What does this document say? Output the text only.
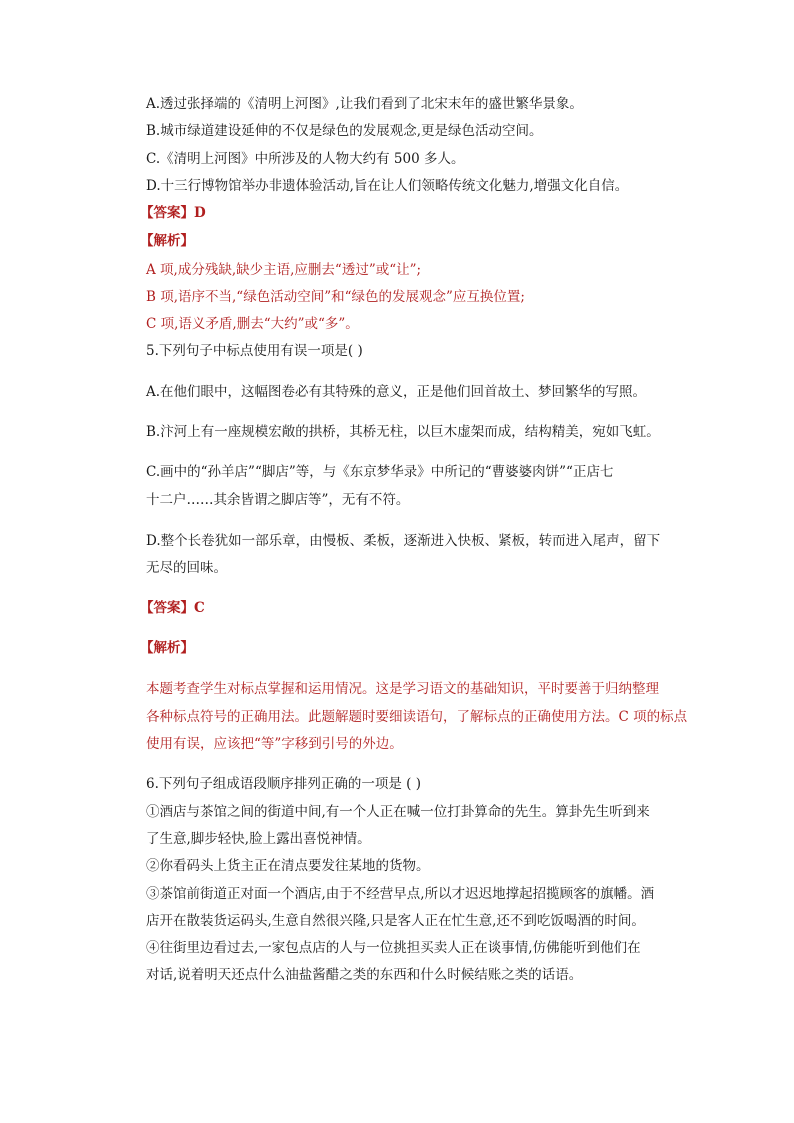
A.透过张择端的《清明上河图》,让我们看到了北宋末年的盛世繁华景象。
B.城市绿道建设延伸的不仅是绿色的发展观念,更是绿色活动空间。
C.《清明上河图》中所涉及的人物大约有 500 多人。
D.十三行博物馆举办非遗体验活动,旨在让人们领略传统文化魅力,增强文化自信。
【答案】D
【解析】
A 项,成分残缺,缺少主语,应删去“透过”或“让”;
B 项,语序不当,“绿色活动空间”和“绿色的发展观念”应互换位置;
C 项,语义矛盾,删去“大约”或“多”。
5.下列句子中标点使用有误一项是( )
A.在他们眼中，这幅图卷必有其特殊的意义，正是他们回首故土、梦回繁华的写照。
B.汴河上有一座规模宏敞的拱桥，其桥无柱，以巨木虚架而成，结构精美，宛如飞虹。
C.画中的“孙羊店”“脚店”等，与《东京梦华录》中所记的“曹婆婆肉饼”“正店七
十二户……其余皆谓之脚店等”，无有不符。
D.整个长卷犹如一部乐章，由慢板、柔板，逐渐进入快板、紧板，转而进入尾声，留下
无尽的回味。
【答案】C
【解析】
本题考查学生对标点掌握和运用情况。这是学习语文的基础知识，平时要善于归纳整理
各种标点符号的正确用法。此题解题时要细读语句，了解标点的正确使用方法。C 项的标点
使用有误，应该把“等”字移到引号的外边。
6.下列句子组成语段顺序排列正确的一项是 ( )
①酒店与茶馆之间的街道中间,有一个人正在喊一位打卦算命的先生。算卦先生听到来
了生意,脚步轻快,脸上露出喜悦神情。
②你看码头上货主正在清点要发往某地的货物。
③茶馆前街道正对面一个酒店,由于不经营早点,所以才迟迟地撑起招揽顾客的旗幡。酒
店开在散装货运码头,生意自然很兴隆,只是客人正在忙生意,还不到吃饭喝酒的时间。
④往街里边看过去,一家包点店的人与一位挑担买卖人正在谈事情,仿佛能听到他们在
对话,说着明天还点什么油盐酱醋之类的东西和什么时候结账之类的话语。
